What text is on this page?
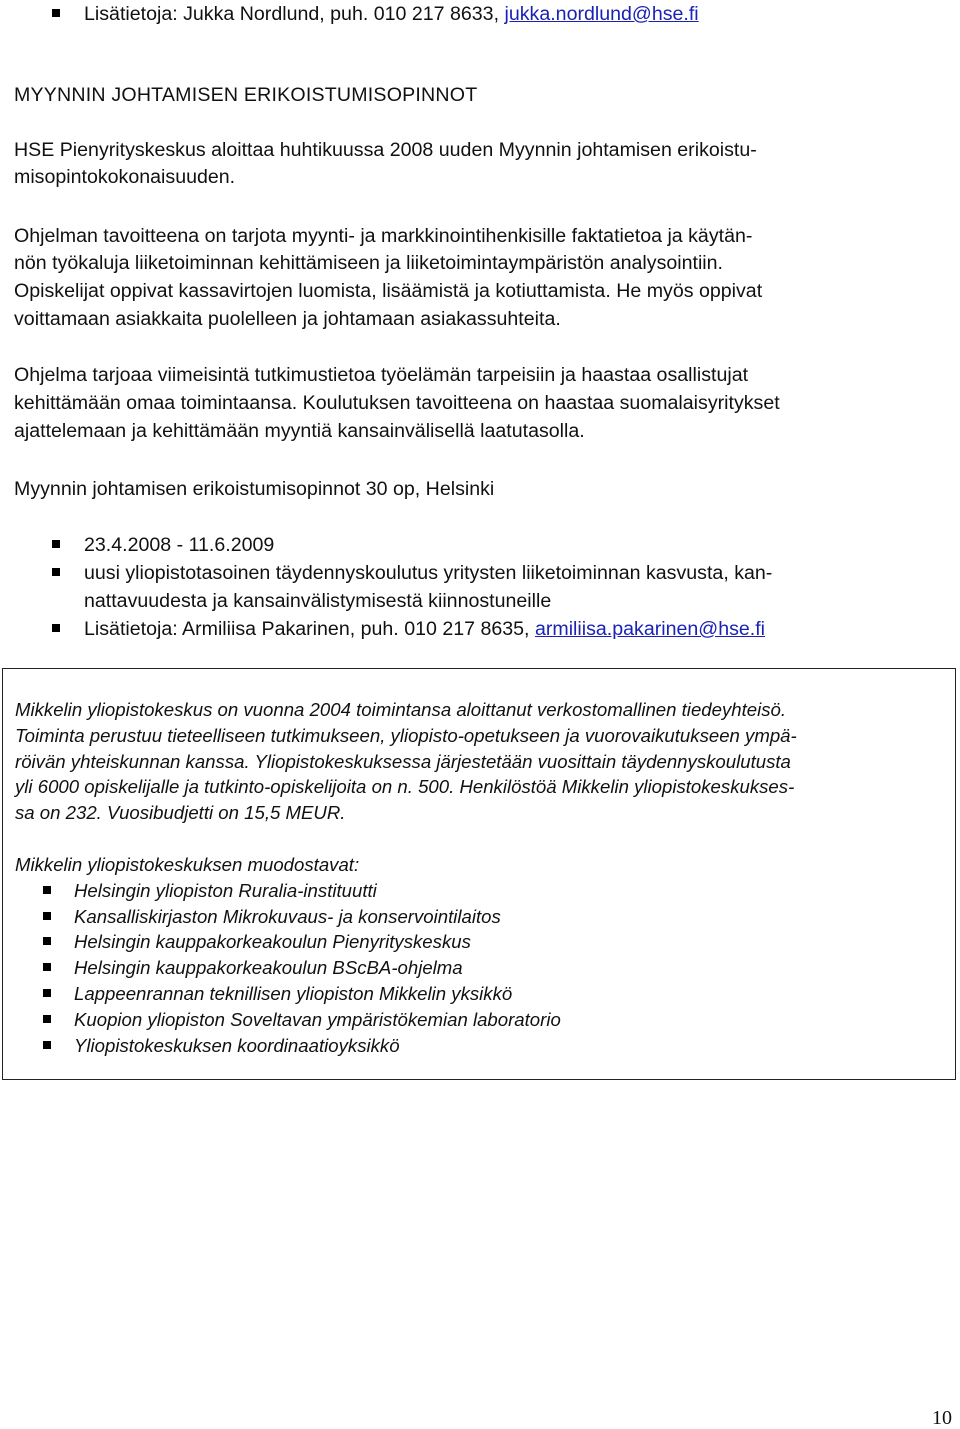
Lisätietoja: Jukka Nordlund, puh. 010 217 8633, jukka.nordlund@hse.fi

MYYNNIN JOHTAMISEN ERIKOISTUMISOPINNOT

HSE Pienyrityskeskus aloittaa huhtikuussa 2008 uuden Myynnin johtamisen erikoistu-

misopintokokonaisuuden.

Ohjelman tavoitteena on tarjota myynti- ja markkinointihenkisille faktatietoa ja käytän-

nön työkaluja liiketoiminnan kehittämiseen ja liiketoimintaympäristön analysointiin.

Opiskelijat oppivat kassavirtojen luomista, lisäämistä ja kotiuttamista. He myös oppivat

voittamaan asiakkaita puolelleen ja johtamaan asiakassuhteita.

Ohjelma tarjoaa viimeisintä tutkimustietoa työelämän tarpeisiin ja haastaa osallistujat

kehittämään omaa toimintaansa. Koulutuksen tavoitteena on haastaa suomalaisyritykset

ajattelemaan ja kehittämään myyntiä kansainvälisellä laatutasolla.

Myynnin johtamisen erikoistumisopinnot 30 op, Helsinki

23.4.2008 - 11.6.2009
uusi yliopistotasoinen täydennyskoulutus yritysten liiketoiminnan kasvusta, kan-
nattavuudesta ja kansainvälistymisestä kiinnostuneille
Lisätietoja: Armiliisa Pakarinen, puh. 010 217 8635, armiliisa.pakarinen@hse.fi

Mikkelin yliopistokeskus on vuonna 2004 toimintansa aloittanut verkostomallinen tiedeyhteisö.

Toiminta perustuu tieteelliseen tutkimukseen, yliopisto-opetukseen ja vuorovaikutukseen ympä-

röivän yhteiskunnan kanssa. Yliopistokeskuksessa järjestetään vuosittain täydennyskoulutusta

yli 6000 opiskelijalle ja tutkinto-opiskelijoita on n. 500. Henkilöstöä Mikkelin yliopistokeskukses-

sa on 232. Vuosibudjetti on 15,5 MEUR.

Mikkelin yliopistokeskuksen muodostavat:

Helsingin yliopiston Ruralia-instituutti
Kansalliskirjaston Mikrokuvaus- ja konservointilaitos
Helsingin kauppakorkeakoulun Pienyrityskeskus
Helsingin kauppakorkeakoulun BScBA-ohjelma
Lappeenrannan teknillisen yliopiston Mikkelin yksikkö
Kuopion yliopiston Soveltavan ympäristökemian laboratorio
Yliopistokeskuksen koordinaatioyksikkö
10
